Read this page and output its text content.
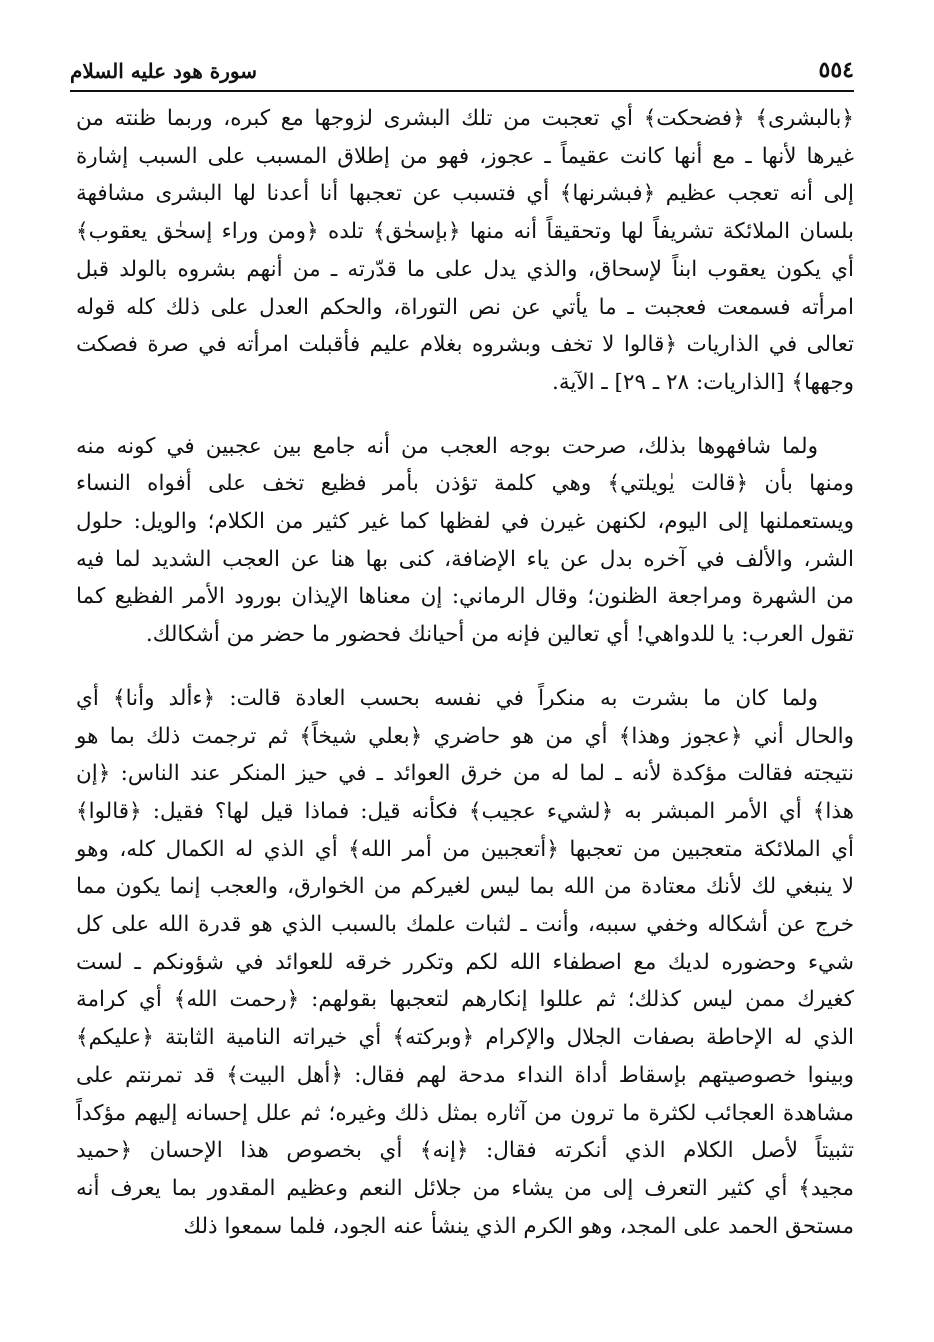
٥٥٤
سورة هود عليه السلام
﴿بالبشرى﴾ ﴿فضحكت﴾ أي تعجبت من تلك البشرى لزوجها مع كبره، وربما ظنته من
غيرها لأنها ـ مع أنها كانت عقيماً ـ عجوز، فهو من إطلاق المسبب على السبب إشارة
إلى أنه تعجب عظيم ﴿فبشرنها﴾ أي فتسبب عن تعجبها أنا أعدنا لها البشرى مشافهة
بلسان الملائكة تشريفاً لها وتحقيقاً أنه منها ﴿بإسحٰق﴾ تلده ﴿ومن وراء إسحٰق يعقوب﴾
أي يكون يعقوب ابناً لإسحاق، والذي يدل على ما قدّرته ـ من أنهم بشروه بالولد قبل
امرأته فسمعت فعجبت ـ ما يأتي عن نص التوراة، والحكم العدل على ذلك كله قوله
تعالى في الذاريات ﴿قالوا لا تخف وبشروه بغلام عليم فأقبلت امرأته في صرة فصكت
وجهها﴾ [الذاريات: ٢٨ ـ ٢٩] ـ الآية.
ولما شافهوها بذلك، صرحت بوجه العجب من أنه جامع بين عجبين في كونه منه
ومنها بأن ﴿قالت يٰويلتي﴾ وهي كلمة تؤذن بأمر فظيع تخف على أفواه النساء
ويستعملنها إلى اليوم، لكنهن غيرن في لفظها كما غير كثير من الكلام؛ والويل: حلول
الشر، والألف في آخره بدل عن ياء الإضافة، كنى بها هنا عن العجب الشديد لما فيه
من الشهرة ومراجعة الظنون؛ وقال الرماني: إن معناها الإيذان بورود الأمر الفظيع كما
تقول العرب: يا للدواهي! أي تعالين فإنه من أحيانك فحضور ما حضر من أشكالك.
ولما كان ما بشرت به منكراً في نفسه بحسب العادة قالت: ﴿ءألد وأنا﴾ أي
والحال أني ﴿عجوز وهذا﴾ أي من هو حاضري ﴿بعلي شيخاً﴾ ثم ترجمت ذلك بما هو
نتيجته فقالت مؤكدة لأنه ـ لما له من خرق العوائد ـ في حيز المنكر عند الناس: ﴿إن
هذا﴾ أي الأمر المبشر به ﴿لشيء عجيب﴾ فكأنه قيل: فماذا قيل لها؟ فقيل: ﴿قالوا﴾
أي الملائكة متعجبين من تعجبها ﴿أتعجبين من أمر الله﴾ أي الذي له الكمال كله، وهو
لا ينبغي لك لأنك معتادة من الله بما ليس لغيركم من الخوارق، والعجب إنما يكون مما
خرج عن أشكاله وخفي سببه، وأنت ـ لثبات علمك بالسبب الذي هو قدرة الله على كل
شيء وحضوره لديك مع اصطفاء الله لكم وتكرر خرقه للعوائد في شؤونكم ـ لست
كغيرك ممن ليس كذلك؛ ثم عللوا إنكارهم لتعجبها بقولهم: ﴿رحمت الله﴾ أي كرامة
الذي له الإحاطة بصفات الجلال والإكرام ﴿وبركته﴾ أي خيراته النامية الثابتة ﴿عليكم﴾
وبينوا خصوصيتهم بإسقاط أداة النداء مدحة لهم فقال: ﴿أهل البيت﴾ قد تمرنتم على
مشاهدة العجائب لكثرة ما ترون من آثاره بمثل ذلك وغيره؛ ثم علل إحسانه إليهم مؤكداً
تثبيتاً لأصل الكلام الذي أنكرته فقال: ﴿إنه﴾ أي بخصوص هذا الإحسان ﴿حميد
مجيد﴾ أي كثير التعرف إلى من يشاء من جلائل النعم وعظيم المقدور بما يعرف أنه
مستحق الحمد على المجد، وهو الكرم الذي ينشأ عنه الجود، فلما سمعوا ذلك
